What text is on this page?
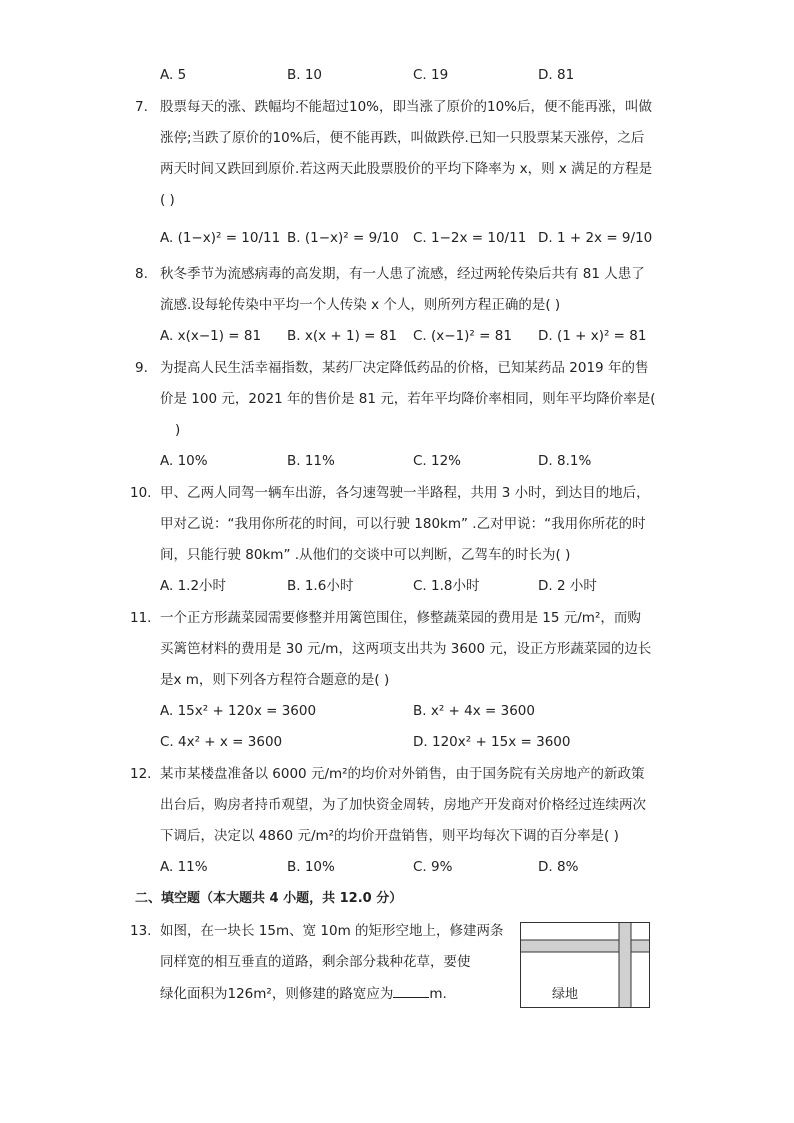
A. 5	B. 10	C. 19	D. 81
7. 股票每天的涨、跌幅均不能超过10%，即当涨了原价的10%后，便不能再涨，叫做
涨停;当跌了原价的10%后，便不能再跌，叫做跌停.已知一只股票某天涨停，之后
两天时间又跌回到原价.若这两天此股票股价的平均下降率为 x，则 x 满足的方程是
( )
A. (1−x)² = 10/11 B. (1−x)² = 9/10 C. 1−2x = 10/11 D. 1 + 2x = 9/10
8. 秋冬季节为流感病毒的高发期，有一人患了流感，经过两轮传染后共有 81 人患了
流感.设每轮传染中平均一个人传染 x 个人，则所列方程正确的是( )
A. x(x−1) = 81 B. x(x + 1) = 81 C. (x−1)² = 81 D. (1 + x)² = 81
9. 为提高人民生活幸福指数，某药厂决定降低药品的价格，已知某药品 2019 年的售
价是 100 元，2021 年的售价是 81 元，若年平均降价率相同，则年平均降价率是(
)
A. 10%	B. 11%	C. 12%	D. 8.1%
10. 甲、乙两人同驾一辆车出游，各匀速驾驶一半路程，共用 3 小时，到达目的地后，
甲对乙说：“我用你所花的时间，可以行驶 180km” .乙对甲说：“我用你所花的时
间，只能行驶 80km” .从他们的交谈中可以判断，乙驾车的时长为( )
A. 1.2小时	B. 1.6小时	C. 1.8小时	D. 2 小时
11. 一个正方形蔬菜园需要修整并用篱笆围住，修整蔬菜园的费用是 15 元/m²，而购
买篱笆材料的费用是 30 元/m，这两项支出共为 3600 元，设正方形蔬菜园的边长
是x m，则下列各方程符合题意的是( )
A. 15x² + 120x = 3600	B. x² + 4x = 3600
C. 4x² + x = 3600	D. 120x² + 15x = 3600
12. 某市某楼盘准备以 6000 元/m²的均价对外销售，由于国务院有关房地产的新政策
出台后，购房者持币观望，为了加快资金周转，房地产开发商对价格经过连续两次
下调后，决定以 4860 元/m²的均价开盘销售，则平均每次下调的百分率是( )
A. 11%	B. 10%	C. 9%	D. 8%
二、填空题（本大题共 4 小题，共 12.0 分）
13. 如图，在一块长 15m、宽 10m 的矩形空地上，修建两条
同样宽的相互垂直的道路，剩余部分栽种花草，要使
绿化面积为126m²，则修建的路宽应为	m.	绿地
